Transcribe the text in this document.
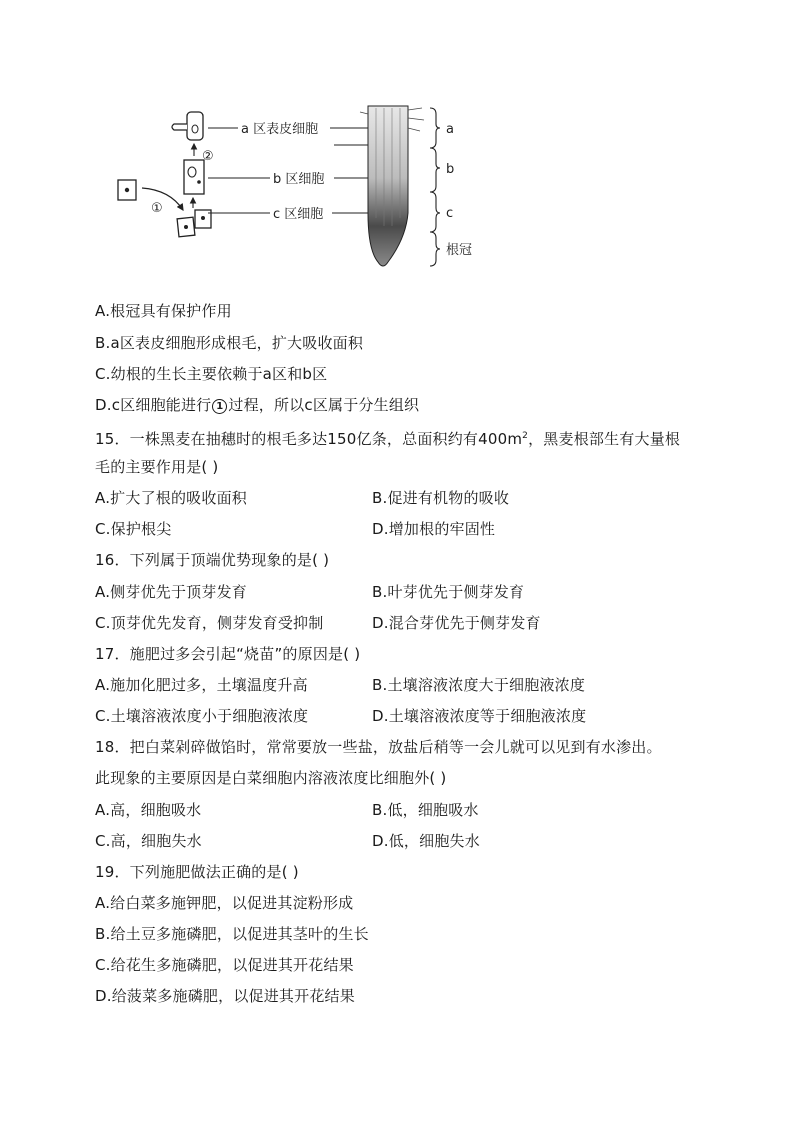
①
②
a 区表皮细胞
b 区细胞
c 区细胞
a
b
c
根冠
A.根冠具有保护作用
B.a区表皮细胞形成根毛，扩大吸收面积
C.幼根的生长主要依赖于a区和b区
D.c区细胞能进行 1 过程，所以c区属于分生组织
15．一株黑麦在抽穗时的根毛多达150亿条，总面积约有$400m^2$，黑麦根部生有大量根
毛的主要作用是( )
A.扩大了根的吸收面积	B.促进有机物的吸收
C.保护根尖	D.增加根的牢固性
16．下列属于顶端优势现象的是( )
A.侧芽优先于顶芽发育	B.叶芽优先于侧芽发育
C.顶芽优先发育，侧芽发育受抑制	D.混合芽优先于侧芽发育
17．施肥过多会引起“烧苗”的原因是( )
A.施加化肥过多，土壤温度升高	B.土壤溶液浓度大于细胞液浓度
C.土壤溶液浓度小于细胞液浓度	D.土壤溶液浓度等于细胞液浓度
18．把白菜剁碎做馅时，常常要放一些盐，放盐后稍等一会儿就可以见到有水渗出。
此现象的主要原因是白菜细胞内溶液浓度比细胞外( )
A.高，细胞吸水	B.低，细胞吸水
C.高，细胞失水	D.低，细胞失水
19．下列施肥做法正确的是( )
A.给白菜多施钾肥，以促进其淀粉形成
B.给土豆多施磷肥，以促进其茎叶的生长
C.给花生多施磷肥，以促进其开花结果
D.给菠菜多施磷肥，以促进其开花结果
